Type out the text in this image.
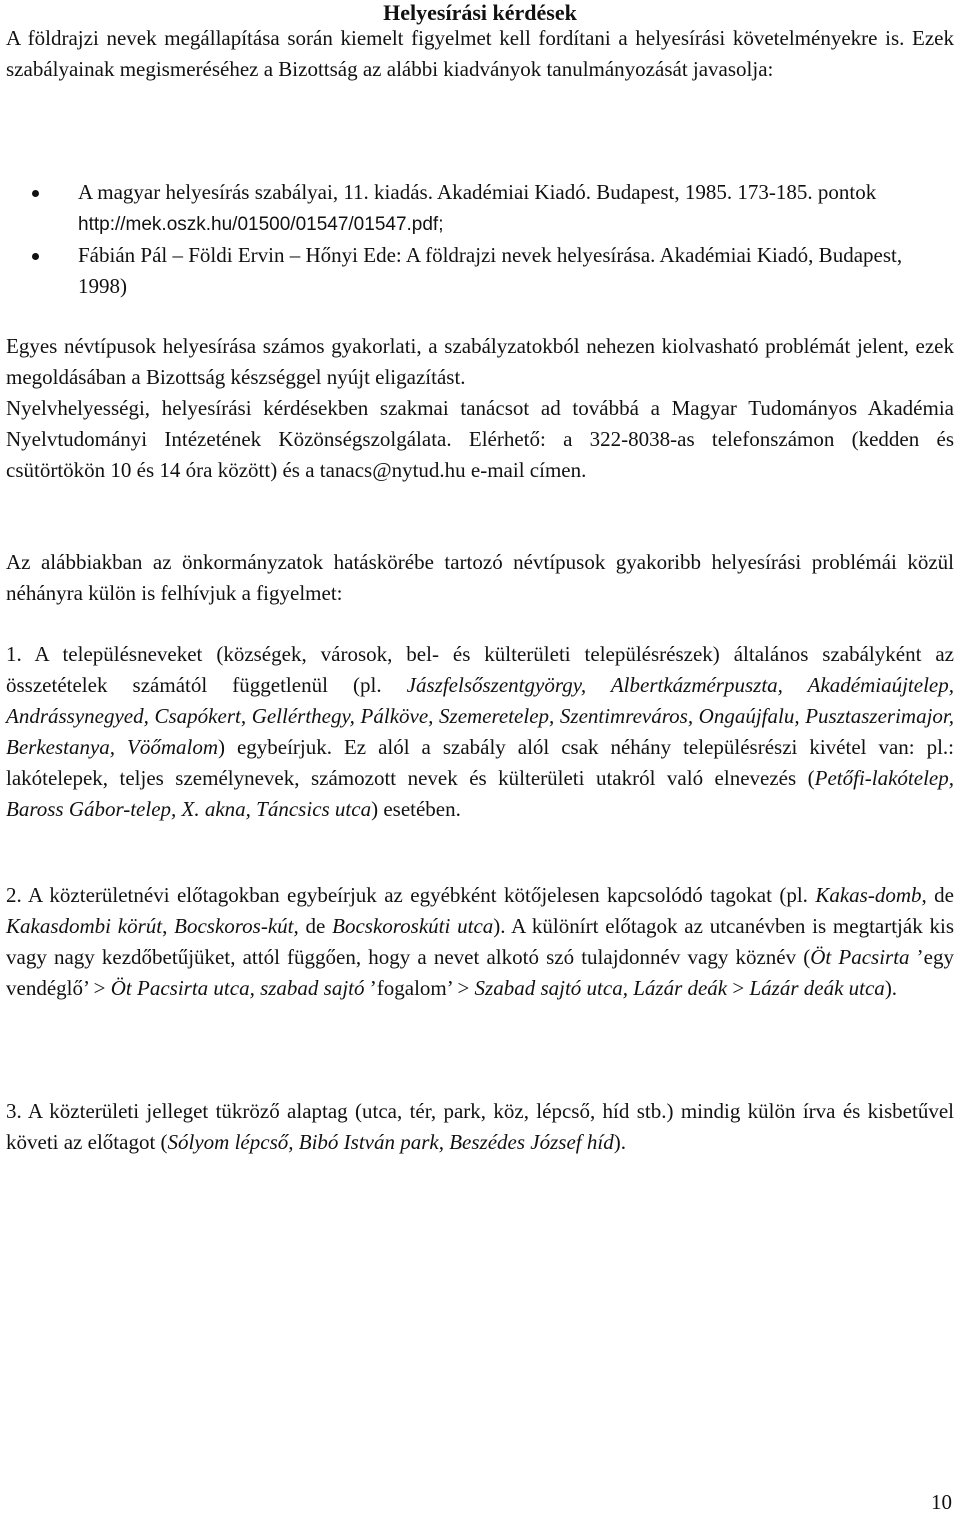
Helyesírási kérdések

A földrajzi nevek megállapítása során kiemelt figyelmet kell fordítani a helyesírási követelményekre is. Ezek szabályainak megismeréséhez a Bizottság az alábbi kiadványok tanulmányozását javasolja:

A magyar helyesírás szabályai, 11. kiadás. Akadémiai Kiadó. Budapest, 1985. 173-185. pontok http://mek.oszk.hu/01500/01547/01547.pdf;
Fábián Pál – Földi Ervin – Hőnyi Ede: A földrajzi nevek helyesírása. Akadémiai Kiadó, Budapest, 1998)

Egyes névtípusok helyesírása számos gyakorlati, a szabályzatokból nehezen kiolvasható problémát jelent, ezek megoldásában a Bizottság készséggel nyújt eligazítást.

Nyelvhelyességi, helyesírási kérdésekben szakmai tanácsot ad továbbá a Magyar Tudományos Akadémia Nyelvtudományi Intézetének Közönségszolgálata. Elérhető: a 322-8038-as telefonszámon (kedden és csütörtökön 10 és 14 óra között) és a tanacs@nytud.hu e-mail címen.

Az alábbiakban az önkormányzatok hatáskörébe tartozó névtípusok gyakoribb helyesírási problémái közül néhányra külön is felhívjuk a figyelmet:

1. A településneveket (községek, városok, bel- és külterületi településrészek) általános szabályként az összetételek számától függetlenül (pl. Jászfelsőszentgyörgy, Albertkázmérpuszta, Akadémiaújtelep, Andrássynegyed, Csapókert, Gellérthegy, Pálköve, Szemeretelep, Szentimreváros, Ongaújfalu, Pusztaszerimajor, Berkestanya, Vöőmalom) egybeírjuk. Ez alól a szabály alól csak néhány településrészi kivétel van: pl.: lakótelepek, teljes személynevek, számozott nevek és külterületi utakról való elnevezés (Petőfi-lakótelep, Baross Gábor-telep, X. akna, Táncsics utca) esetében.

2. A közterületnévi előtagokban egybeírjuk az egyébként kötőjelesen kapcsolódó tagokat (pl. Kakas-domb, de Kakasdombi körút, Bocskoros-kút, de Bocskoroskúti utca). A különírt előtagok az utcanévben is megtartják kis vagy nagy kezdőbetűjüket, attól függően, hogy a nevet alkotó szó tulajdonnév vagy köznév (Öt Pacsirta ’egy vendéglő’ > Öt Pacsirta utca, szabad sajtó ’fogalom’ > Szabad sajtó utca, Lázár deák > Lázár deák utca).

3. A közterületi jelleget tükröző alaptag (utca, tér, park, köz, lépcső, híd stb.) mindig külön írva és kisbetűvel követi az előtagot (Sólyom lépcső, Bibó István park, Beszédes József híd).

10
